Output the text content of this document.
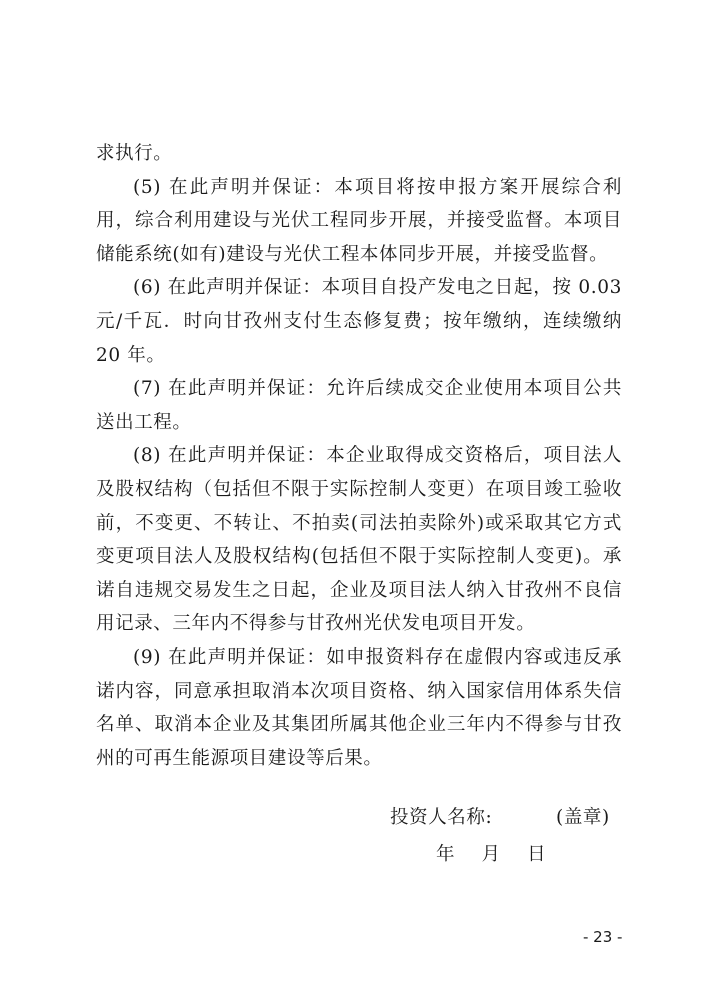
求执行。

(5) 在此声明并保证：本项目将按申报方案开展综合利用，综合利用建设与光伏工程同步开展，并接受监督。本项目储能系统(如有)建设与光伏工程本体同步开展，并接受监督。

(6) 在此声明并保证：本项目自投产发电之日起，按 0.03 元/千瓦．时向甘孜州支付生态修复费；按年缴纳，连续缴纳 20 年。

(7) 在此声明并保证：允许后续成交企业使用本项目公共送出工程。

(8) 在此声明并保证：本企业取得成交资格后，项目法人及股权结构（包括但不限于实际控制人变更）在项目竣工验收前，不变更、不转让、不拍卖(司法拍卖除外)或采取其它方式变更项目法人及股权结构(包括但不限于实际控制人变更)。承诺自违规交易发生之日起，企业及项目法人纳入甘孜州不良信用记录、三年内不得参与甘孜州光伏发电项目开发。

(9) 在此声明并保证：如申报资料存在虚假内容或违反承诺内容，同意承担取消本次项目资格、纳入国家信用体系失信名单、取消本企业及其集团所属其他企业三年内不得参与甘孜州的可再生能源项目建设等后果。

投资人名称:	(盖章)
年 月 日
- 23 -
